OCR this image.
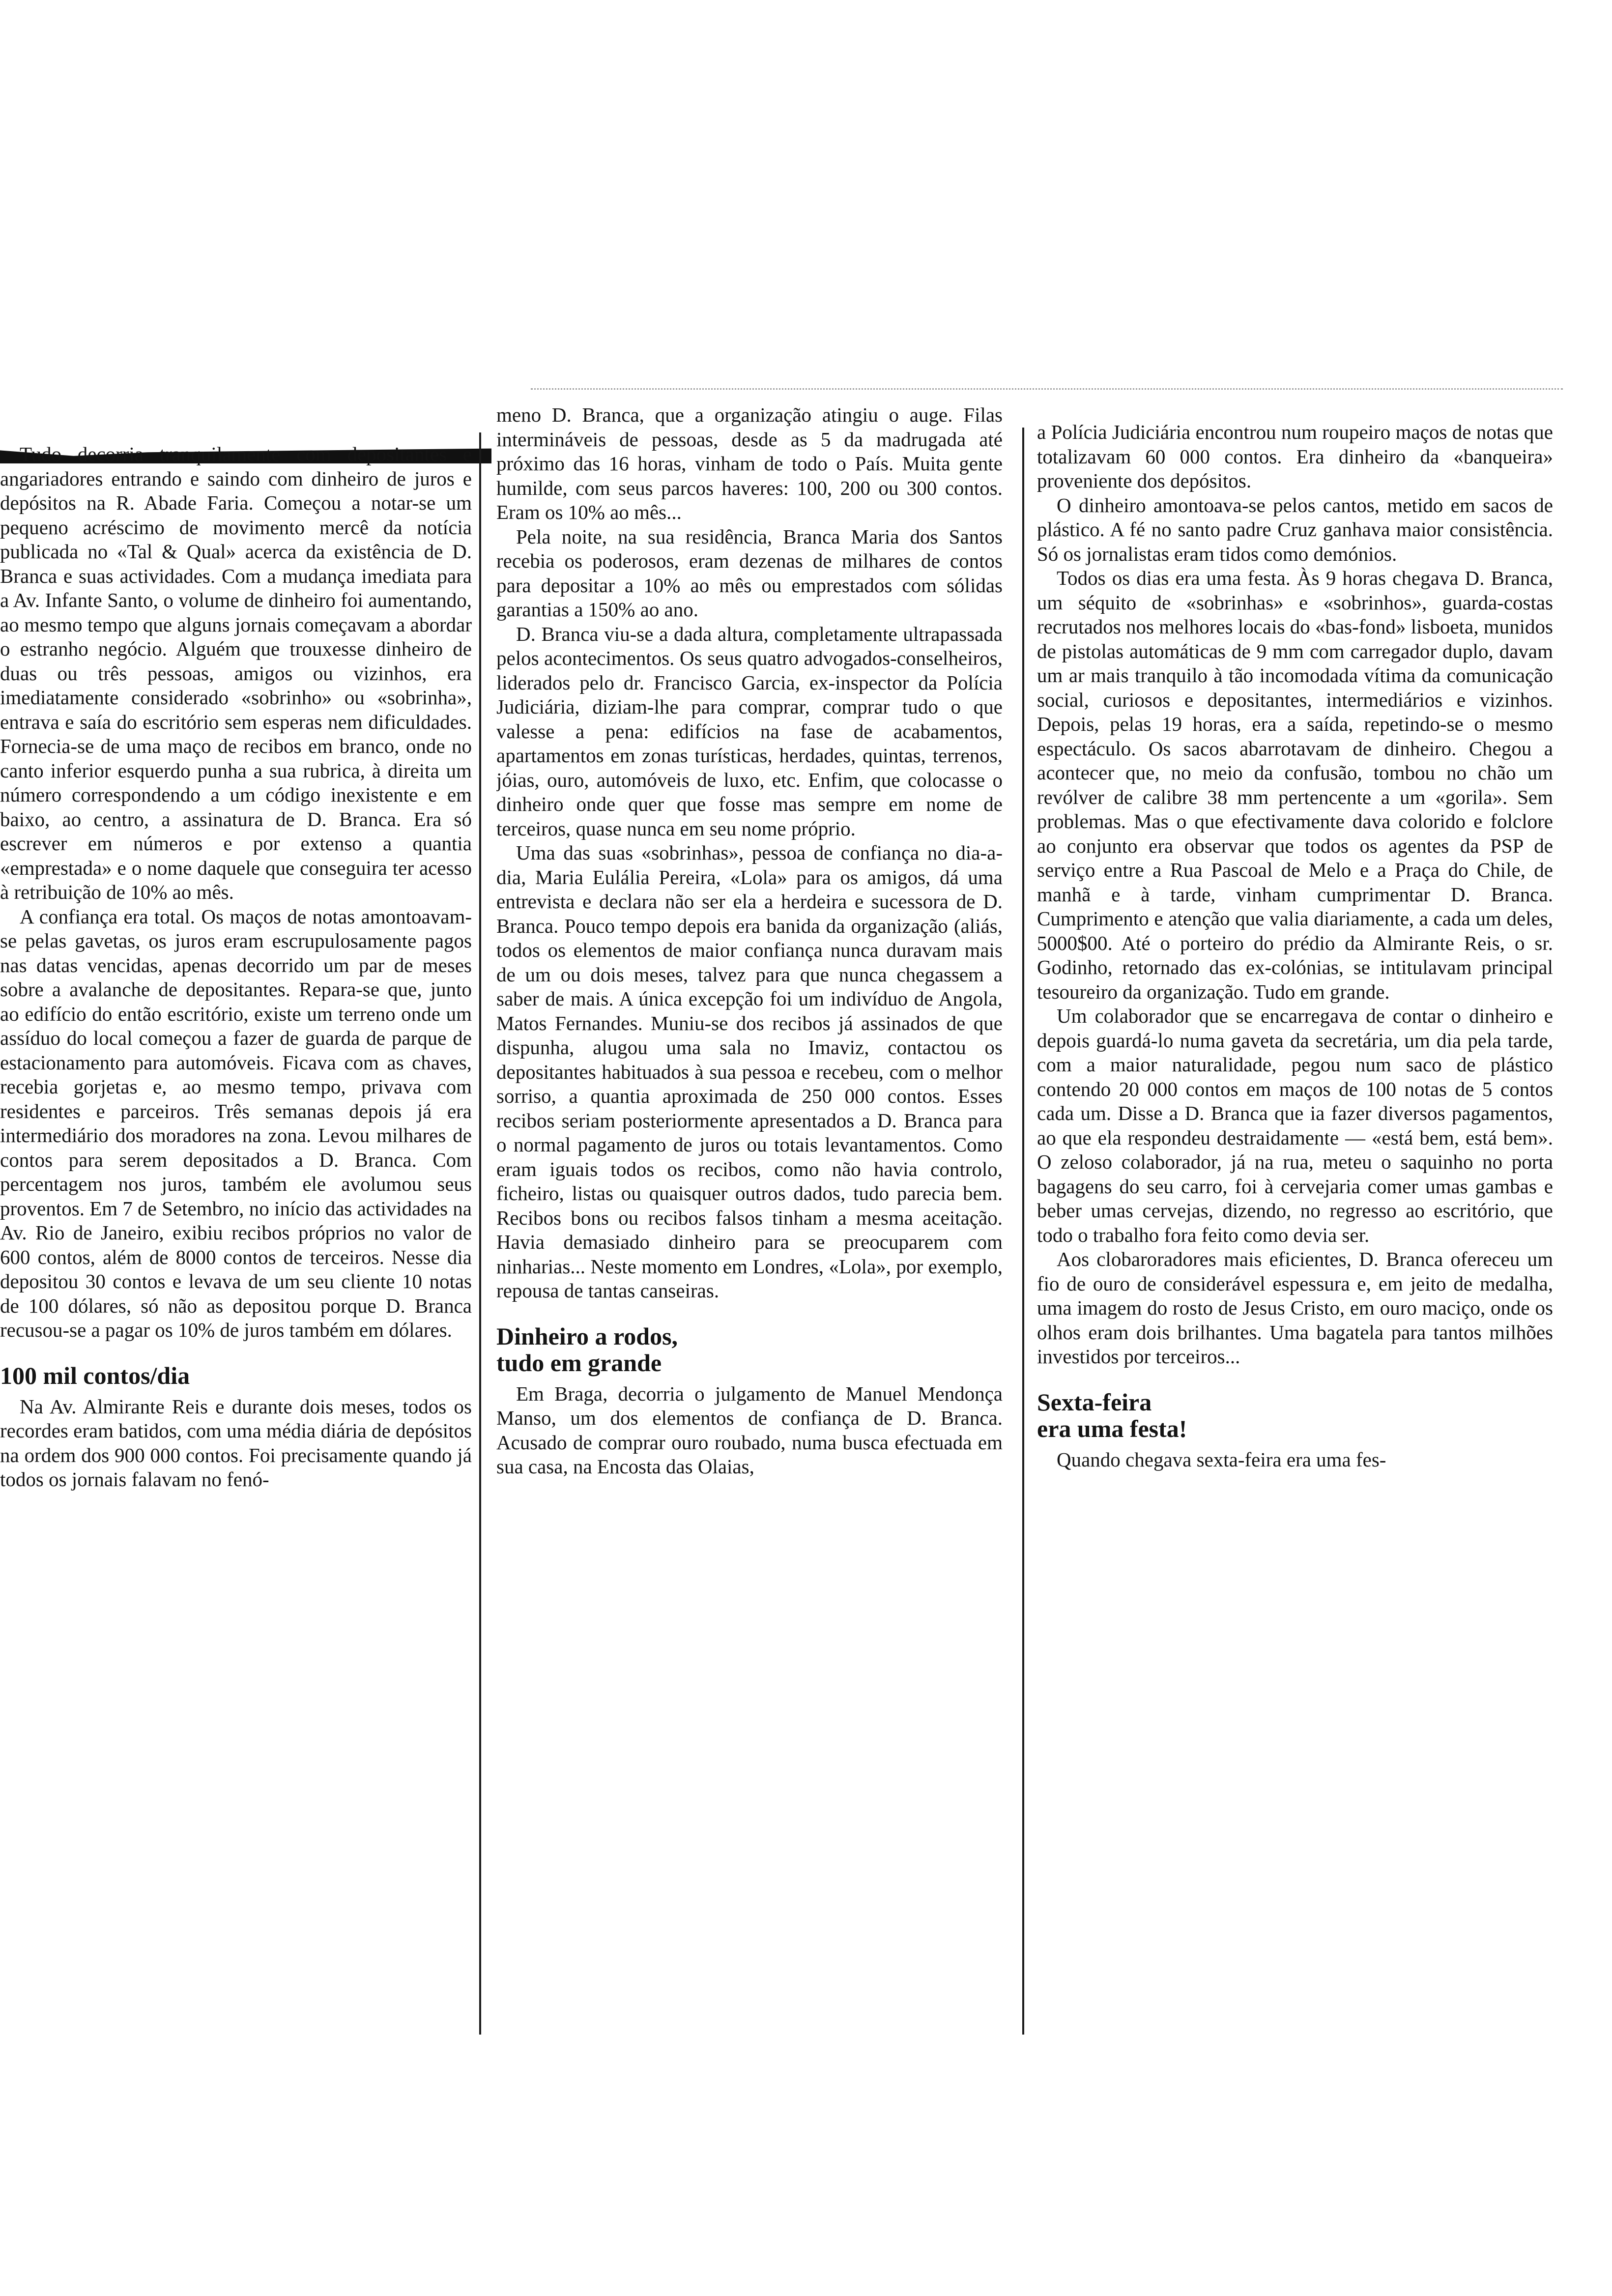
Tudo decorria tranquilamente com depositantes e angariadores entrando e saindo com dinheiro de juros e depósitos na R. Abade Faria. Começou a notar-se um pequeno acréscimo de movimento mercê da notícia publicada no «Tal & Qual» acerca da existência de D. Branca e suas actividades. Com a mudança imediata para a Av. Infante Santo, o volume de dinheiro foi aumentando, ao mesmo tempo que alguns jornais começavam a abordar o estranho negócio. Alguém que trouxesse dinheiro de duas ou três pessoas, amigos ou vizinhos, era imediatamente considerado «sobrinho» ou «sobrinha», entrava e saía do escritório sem esperas nem dificuldades. Fornecia-se de uma maço de recibos em branco, onde no canto inferior esquerdo punha a sua rubrica, à direita um número correspondendo a um código inexistente e em baixo, ao centro, a assinatura de D. Branca. Era só escrever em números e por extenso a quantia «emprestada» e o nome daquele que conseguira ter acesso à retribuição de 10% ao mês.

A confiança era total. Os maços de notas amontoavam-se pelas gavetas, os juros eram escrupulosamente pagos nas datas vencidas, apenas decorrido um par de meses sobre a avalanche de depositantes. Repara-se que, junto ao edifício do então escritório, existe um terreno onde um assíduo do local começou a fazer de guarda de parque de estacionamento para automóveis. Ficava com as chaves, recebia gorjetas e, ao mesmo tempo, privava com residentes e parceiros. Três semanas depois já era intermediário dos moradores na zona. Levou milhares de contos para serem depositados a D. Branca. Com percentagem nos juros, também ele avolumou seus proventos. Em 7 de Setembro, no início das actividades na Av. Rio de Janeiro, exibiu recibos próprios no valor de 600 contos, além de 8000 contos de terceiros. Nesse dia depositou 30 contos e levava de um seu cliente 10 notas de 100 dólares, só não as depositou porque D. Branca recusou-se a pagar os 10% de juros também em dólares.

100 mil contos/dia

Na Av. Almirante Reis e durante dois meses, todos os recordes eram batidos, com uma média diária de depósitos na ordem dos 900 000 contos. Foi precisamente quando já todos os jornais falavam no fenó-

meno D. Branca, que a organização atingiu o auge. Filas intermináveis de pessoas, desde as 5 da madrugada até próximo das 16 horas, vinham de todo o País. Muita gente humilde, com seus parcos haveres: 100, 200 ou 300 contos. Eram os 10% ao mês...

Pela noite, na sua residência, Branca Maria dos Santos recebia os poderosos, eram dezenas de milhares de contos para depositar a 10% ao mês ou emprestados com sólidas garantias a 150% ao ano.

D. Branca viu-se a dada altura, completamente ultrapassada pelos acontecimentos. Os seus quatro advogados-conselheiros, liderados pelo dr. Francisco Garcia, ex-inspector da Polícia Judiciária, diziam-lhe para comprar, comprar tudo o que valesse a pena: edifícios na fase de acabamentos, apartamentos em zonas turísticas, herdades, quintas, terrenos, jóias, ouro, automóveis de luxo, etc. Enfim, que colocasse o dinheiro onde quer que fosse mas sempre em nome de terceiros, quase nunca em seu nome próprio.

Uma das suas «sobrinhas», pessoa de confiança no dia-a-dia, Maria Eulália Pereira, «Lola» para os amigos, dá uma entrevista e declara não ser ela a herdeira e sucessora de D. Branca. Pouco tempo depois era banida da organização (aliás, todos os elementos de maior confiança nunca duravam mais de um ou dois meses, talvez para que nunca chegassem a saber de mais. A única excepção foi um indivíduo de Angola, Matos Fernandes. Muniu-se dos recibos já assinados de que dispunha, alugou uma sala no Imaviz, contactou os depositantes habituados à sua pessoa e recebeu, com o melhor sorriso, a quantia aproximada de 250 000 contos. Esses recibos seriam posteriormente apresentados a D. Branca para o normal pagamento de juros ou totais levantamentos. Como eram iguais todos os recibos, como não havia controlo, ficheiro, listas ou quaisquer outros dados, tudo parecia bem. Recibos bons ou recibos falsos tinham a mesma aceitação. Havia demasiado dinheiro para se preocuparem com ninharias... Neste momento em Londres, «Lola», por exemplo, repousa de tantas canseiras.

Dinheiro a rodos,
tudo em grande

Em Braga, decorria o julgamento de Manuel Mendonça Manso, um dos elementos de confiança de D. Branca. Acusado de comprar ouro roubado, numa busca efectuada em sua casa, na Encosta das Olaias,

a Polícia Judiciária encontrou num roupeiro maços de notas que totalizavam 60 000 contos. Era dinheiro da «banqueira» proveniente dos depósitos.

O dinheiro amontoava-se pelos cantos, metido em sacos de plástico. A fé no santo padre Cruz ganhava maior consistência. Só os jornalistas eram tidos como demónios.

Todos os dias era uma festa. Às 9 horas chegava D. Branca, um séquito de «sobrinhas» e «sobrinhos», guarda-costas recrutados nos melhores locais do «bas-fond» lisboeta, munidos de pistolas automáticas de 9 mm com carregador duplo, davam um ar mais tranquilo à tão incomodada vítima da comunicação social, curiosos e depositantes, intermediários e vizinhos. Depois, pelas 19 horas, era a saída, repetindo-se o mesmo espectáculo. Os sacos abarrotavam de dinheiro. Chegou a acontecer que, no meio da confusão, tombou no chão um revólver de calibre 38 mm pertencente a um «gorila». Sem problemas. Mas o que efectivamente dava colorido e folclore ao conjunto era observar que todos os agentes da PSP de serviço entre a Rua Pascoal de Melo e a Praça do Chile, de manhã e à tarde, vinham cumprimentar D. Branca. Cumprimento e atenção que valia diariamente, a cada um deles, 5000$00. Até o porteiro do prédio da Almirante Reis, o sr. Godinho, retornado das ex-colónias, se intitulavam principal tesoureiro da organização. Tudo em grande.

Um colaborador que se encarregava de contar o dinheiro e depois guardá-lo numa gaveta da secretária, um dia pela tarde, com a maior naturalidade, pegou num saco de plástico contendo 20 000 contos em maços de 100 notas de 5 contos cada um. Disse a D. Branca que ia fazer diversos pagamentos, ao que ela respondeu destraidamente — «está bem, está bem». O zeloso colaborador, já na rua, meteu o saquinho no porta bagagens do seu carro, foi à cervejaria comer umas gambas e beber umas cervejas, dizendo, no regresso ao escritório, que todo o trabalho fora feito como devia ser.

Aos clobaroradores mais eficientes, D. Branca ofereceu um fio de ouro de considerável espessura e, em jeito de medalha, uma imagem do rosto de Jesus Cristo, em ouro maciço, onde os olhos eram dois brilhantes. Uma bagatela para tantos milhões investidos por terceiros...

Sexta-feira
era uma festa!

Quando chegava sexta-feira era uma fes-
